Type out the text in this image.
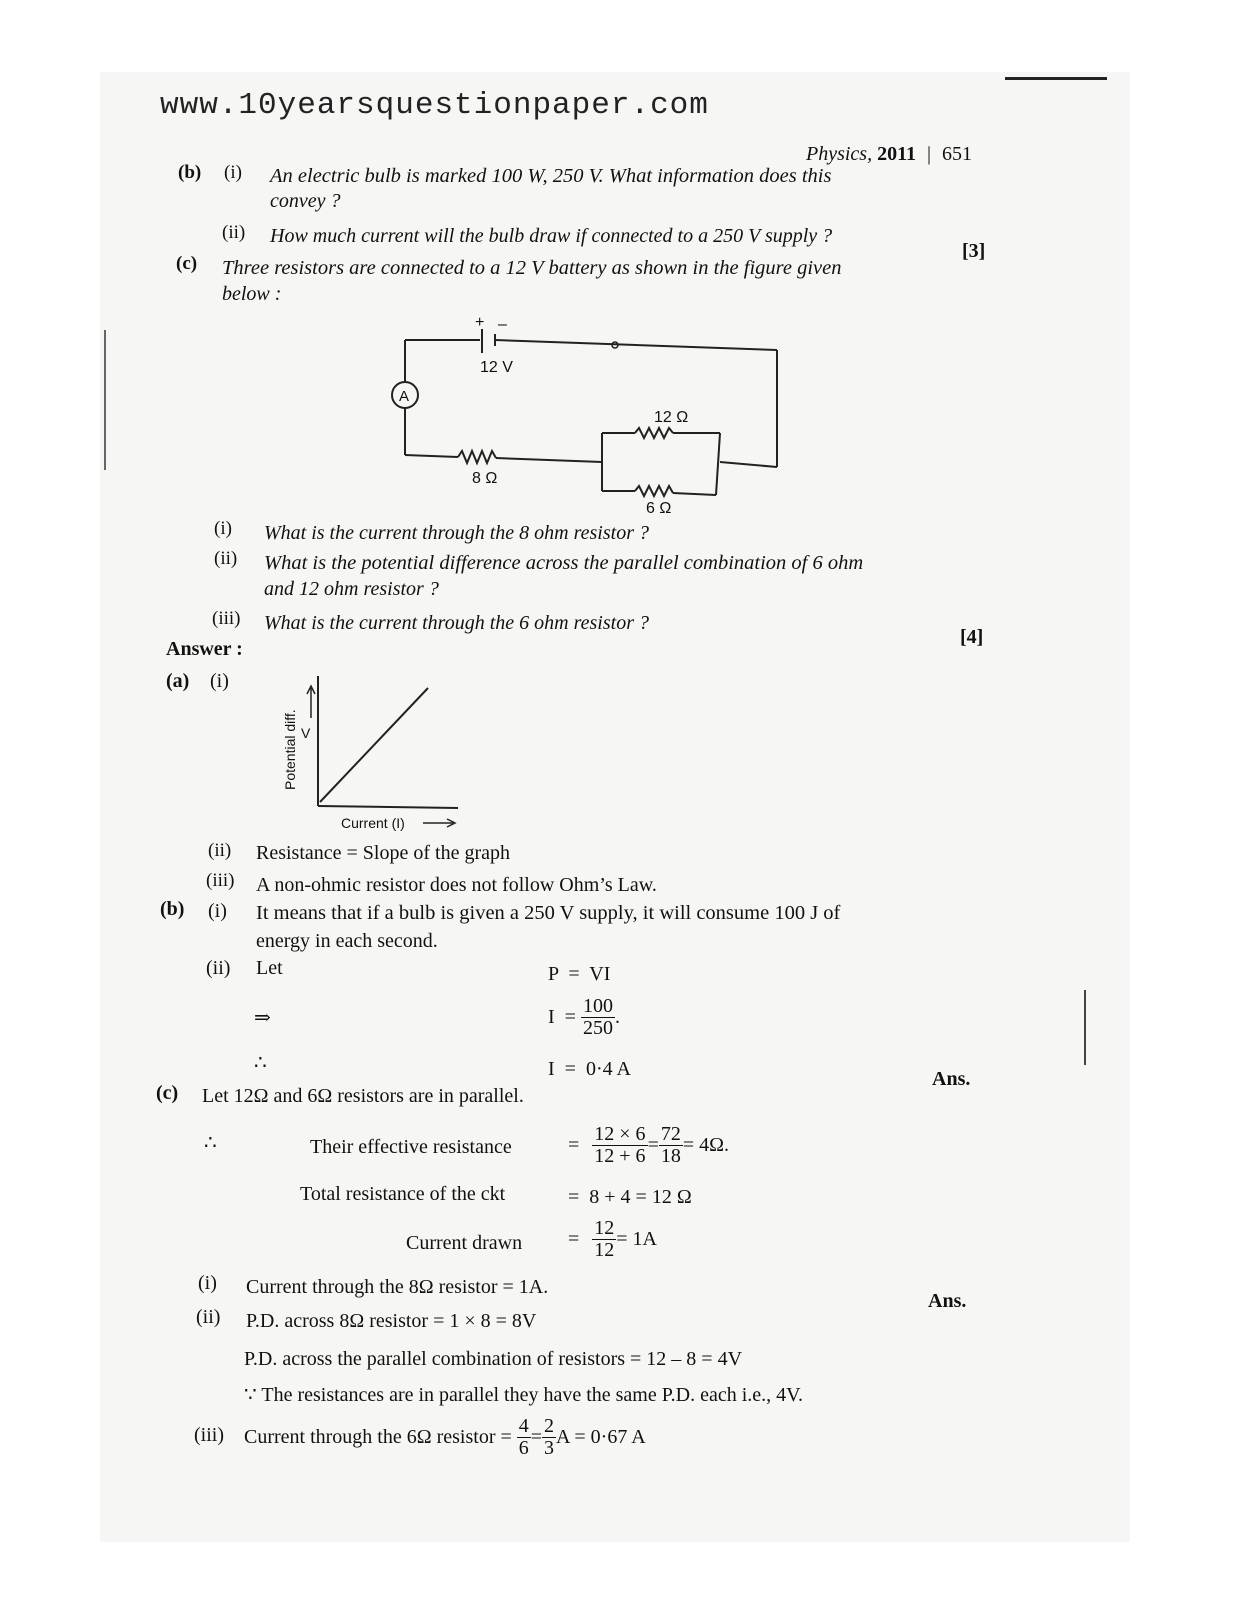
www.10yearsquestionpaper.com
Physics, 2011 | 651
(b) (i) An electric bulb is marked 100 W, 250 V. What information does this
convey ?
(ii) How much current will the bulb draw if connected to a 250 V supply ?
[3]
(c) Three resistors are connected to a 12 V battery as shown in the figure given
below :
+ –
12 V
A
12 Ω
8 Ω
6 Ω
(i) What is the current through the 8 ohm resistor ?
(ii) What is the potential difference across the parallel combination of 6 ohm
and 12 ohm resistor ?
(iii) What is the current through the 6 ohm resistor ?
[4]
Answer :
(a) (i)
Potential diff. V
Current (I)
(ii) Resistance = Slope of the graph
(iii) A non-ohmic resistor does not follow Ohm’s Law.
(b) (i) It means that if a bulb is given a 250 V supply, it will consume 100 J of
energy in each second.
(ii) Let	P  =  VI
⇒	$I = \frac{100}{250}$ .
∴	I  =  0·4 A	Ans.
(c) Let 12Ω and 6Ω resistors are in parallel.
∴	Their effective resistance	= $\frac{12 \times 6}{12 + 6} = \frac{72}{18} = 4\Omega$.
Total resistance of the ckt	=  8 + 4 = 12 Ω
Current drawn = $\frac{12}{12} = 1A$
(i) Current through the 8Ω resistor = 1A.
Ans.
(ii) P.D. across 8Ω resistor = 1 × 8 = 8V
P.D. across the parallel combination of resistors = 12 – 8 = 4V
∵ The resistances are in parallel they have the same P.D. each i.e., 4V.
(iii) Current through the 6Ω resistor = $\frac{4}{6} = \frac{2}{3}$ A = 0·67 A
